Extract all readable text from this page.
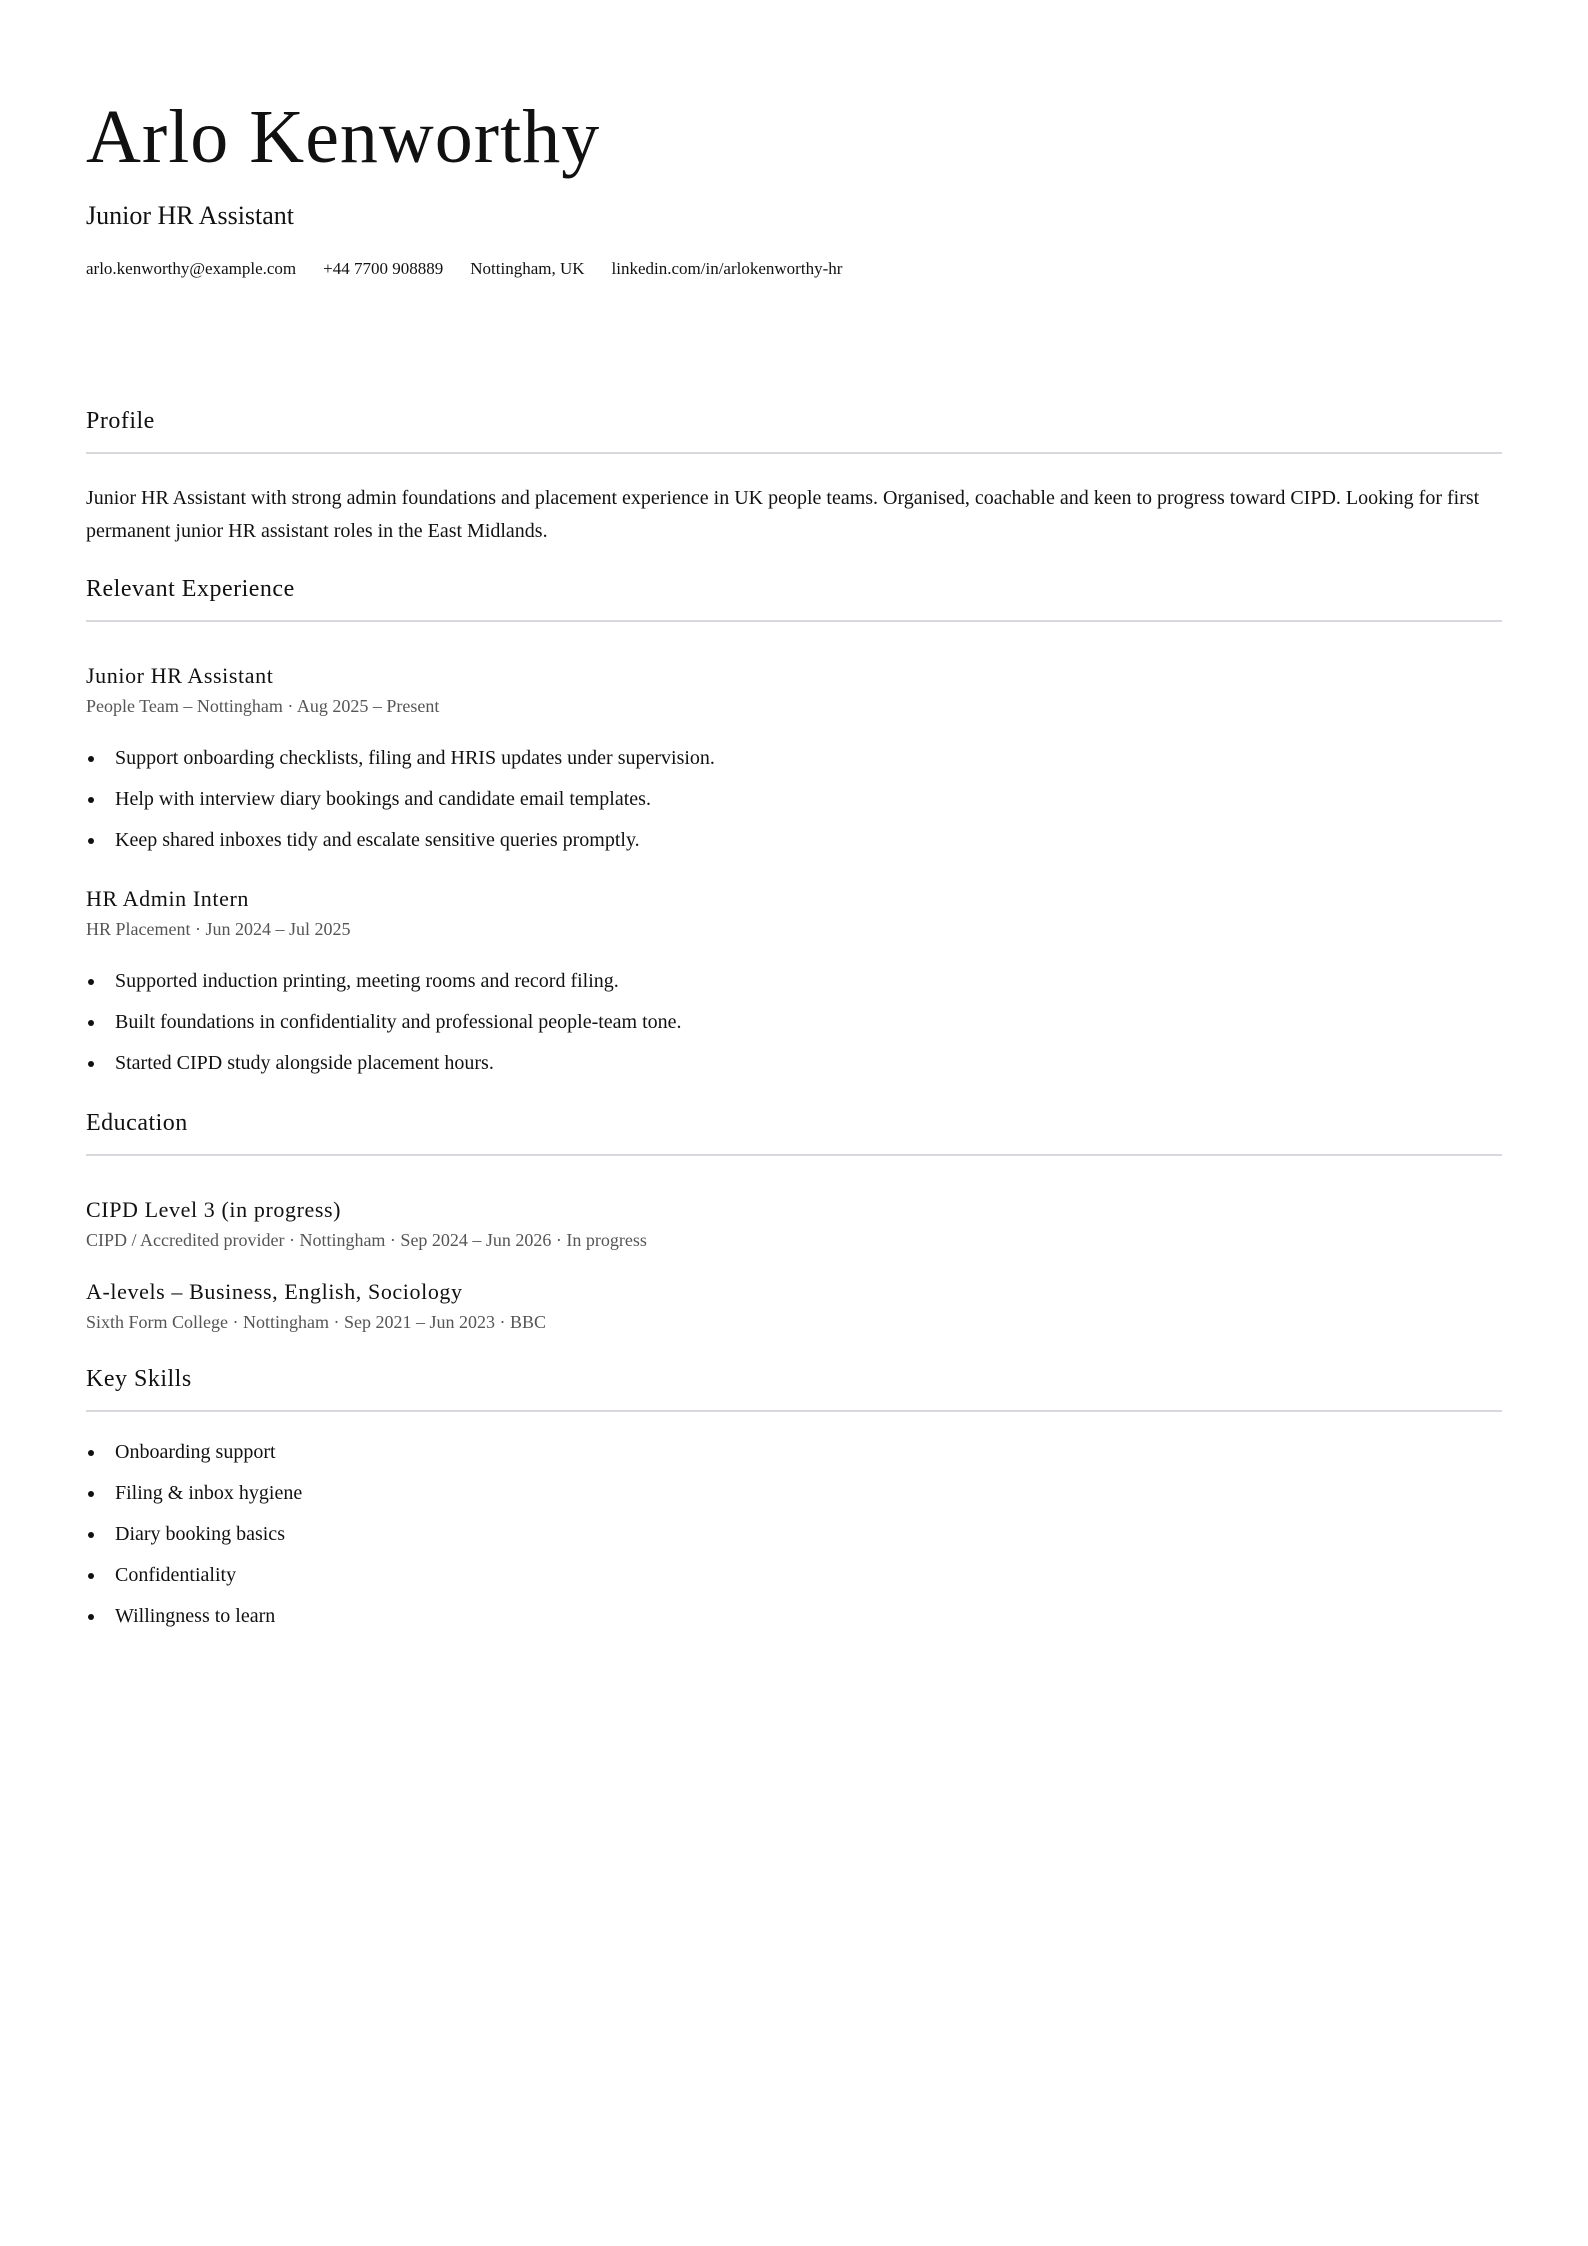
Arlo Kenworthy
Junior HR Assistant
arlo.kenworthy@example.com +44 7700 908889 Nottingham, UK linkedin.com/in/arlokenworthy-hr
Profile

Junior HR Assistant with strong admin foundations and placement experience in UK people teams. Organised, coachable and keen to progress toward CIPD. Looking for first permanent junior HR assistant roles in the East Midlands.

Relevant Experience
Junior HR Assistant
People Team – Nottingham · Aug 2025 – Present
Support onboarding checklists, filing and HRIS updates under supervision.
Help with interview diary bookings and candidate email templates.
Keep shared inboxes tidy and escalate sensitive queries promptly.
HR Admin Intern
HR Placement · Jun 2024 – Jul 2025
Supported induction printing, meeting rooms and record filing.
Built foundations in confidentiality and professional people-team tone.
Started CIPD study alongside placement hours.
Education
CIPD Level 3 (in progress)
CIPD / Accredited provider · Nottingham · Sep 2024 – Jun 2026 · In progress
A-levels – Business, English, Sociology
Sixth Form College · Nottingham · Sep 2021 – Jun 2023 · BBC
Key Skills
Onboarding support
Filing & inbox hygiene
Diary booking basics
Confidentiality
Willingness to learn
